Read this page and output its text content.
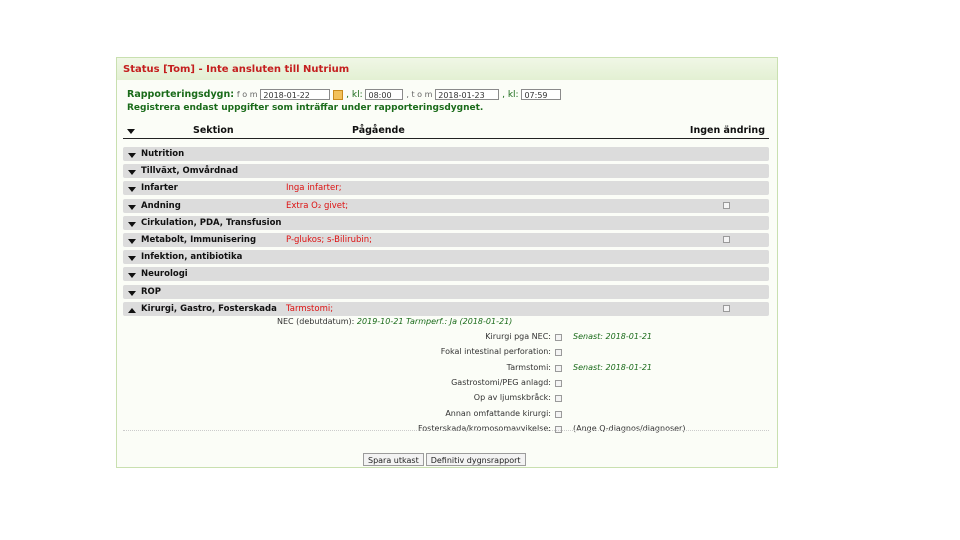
Status [Tom] - Inte ansluten till Nutrium
Rapporteringsdygn: f o m 2018-01-22	, kl: 08:00 , t o m 2018-01-23 , kl: 07:59
Registrera endast uppgifter som inträffar under rapporteringsdygnet.
Sektion	Pågående	Ingen ändring
Nutrition
Tillväxt, Omvårdnad
Infarter	Inga infarter;
Andning	Extra O₂ givet;
Cirkulation, PDA, Transfusion
Metabolt, Immunisering	P-glukos; s-Bilirubin;
Infektion, antibiotika
Neurologi
ROP
Kirurgi, Gastro, Fosterskada Tarmstomi;
NEC (debutdatum): 2019-10-21 Tarmperf.: Ja (2018-01-21)
Kirurgi pga NEC:	Senast: 2018-01-21
Fokal intestinal perforation:
Tarmstomi:	Senast: 2018-01-21
Gastrostomi/PEG anlagd:
Op av ljumskbråck:
Annan omfattande kirurgi:
Fosterskada/kromosomavvikelse:	(Ange Q-diagnos/diagnoser)
Spara utkast Definitiv dygnsrapport
